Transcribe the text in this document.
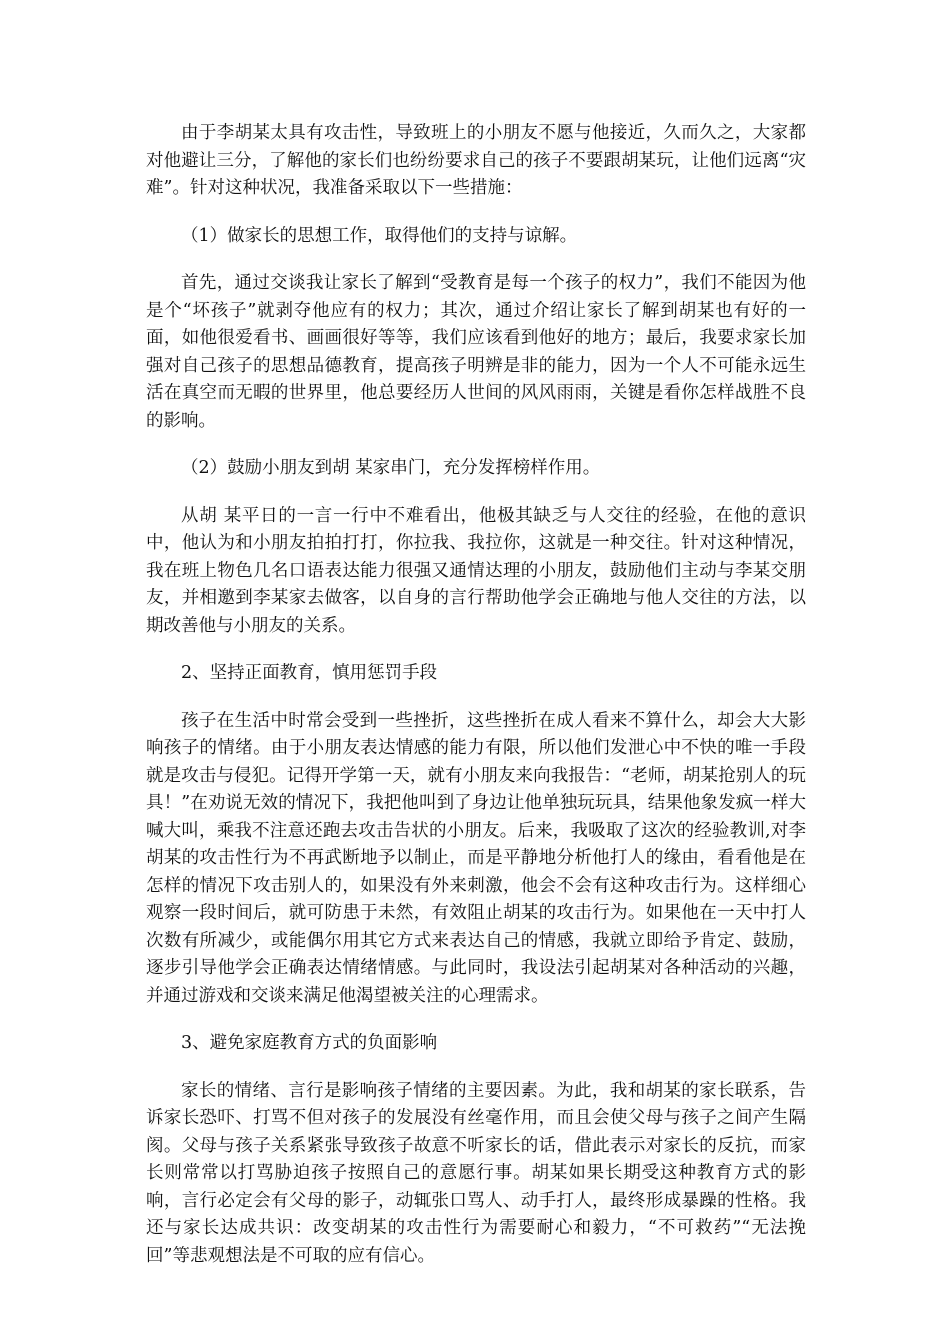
由于李胡某太具有攻击性，导致班上的小朋友不愿与他接近，久而久之，大家都对他避让三分，了解他的家长们也纷纷要求自己的孩子不要跟胡某玩，让他们远离“灾难”。针对这种状况，我准备采取以下一些措施：

（1）做家长的思想工作，取得他们的支持与谅解。

首先，通过交谈我让家长了解到“受教育是每一个孩子的权力”，我们不能因为他是个“坏孩子”就剥夺他应有的权力；其次，通过介绍让家长了解到胡某也有好的一面，如他很爱看书、画画很好等等，我们应该看到他好的地方；最后，我要求家长加强对自己孩子的思想品德教育，提高孩子明辨是非的能力，因为一个人不可能永远生活在真空而无暇的世界里，他总要经历人世间的风风雨雨，关键是看你怎样战胜不良的影响。

（2）鼓励小朋友到胡 某家串门，充分发挥榜样作用。

从胡 某平日的一言一行中不难看出，他极其缺乏与人交往的经验，在他的意识中，他认为和小朋友拍拍打打，你拉我、我拉你，这就是一种交往。针对这种情况，我在班上物色几名口语表达能力很强又通情达理的小朋友，鼓励他们主动与李某交朋友，并相邀到李某家去做客，以自身的言行帮助他学会正确地与他人交往的方法，以期改善他与小朋友的关系。

2、坚持正面教育，慎用惩罚手段

孩子在生活中时常会受到一些挫折，这些挫折在成人看来不算什么，却会大大影响孩子的情绪。由于小朋友表达情感的能力有限，所以他们发泄心中不快的唯一手段就是攻击与侵犯。记得开学第一天，就有小朋友来向我报告：“老师，胡某抢别人的玩具！”在劝说无效的情况下，我把他叫到了身边让他单独玩玩具，结果他象发疯一样大喊大叫，乘我不注意还跑去攻击告状的小朋友。后来，我吸取了这次的经验教训,对李胡某的攻击性行为不再武断地予以制止，而是平静地分析他打人的缘由，看看他是在怎样的情况下攻击别人的，如果没有外来刺激，他会不会有这种攻击行为。这样细心观察一段时间后，就可防患于未然，有效阻止胡某的攻击行为。如果他在一天中打人次数有所减少，或能偶尔用其它方式来表达自己的情感，我就立即给予肯定、鼓励，逐步引导他学会正确表达情绪情感。与此同时，我设法引起胡某对各种活动的兴趣，并通过游戏和交谈来满足他渴望被关注的心理需求。

3、避免家庭教育方式的负面影响

家长的情绪、言行是影响孩子情绪的主要因素。为此，我和胡某的家长联系，告诉家长恐吓、打骂不但对孩子的发展没有丝毫作用，而且会使父母与孩子之间产生隔阂。父母与孩子关系紧张导致孩子故意不听家长的话，借此表示对家长的反抗，而家长则常常以打骂胁迫孩子按照自己的意愿行事。胡某如果长期受这种教育方式的影响，言行必定会有父母的影子，动辄张口骂人、动手打人，最终形成暴躁的性格。我还与家长达成共识：改变胡某的攻击性行为需要耐心和毅力，“不可救药”“无法挽回”等悲观想法是不可取的应有信心。
